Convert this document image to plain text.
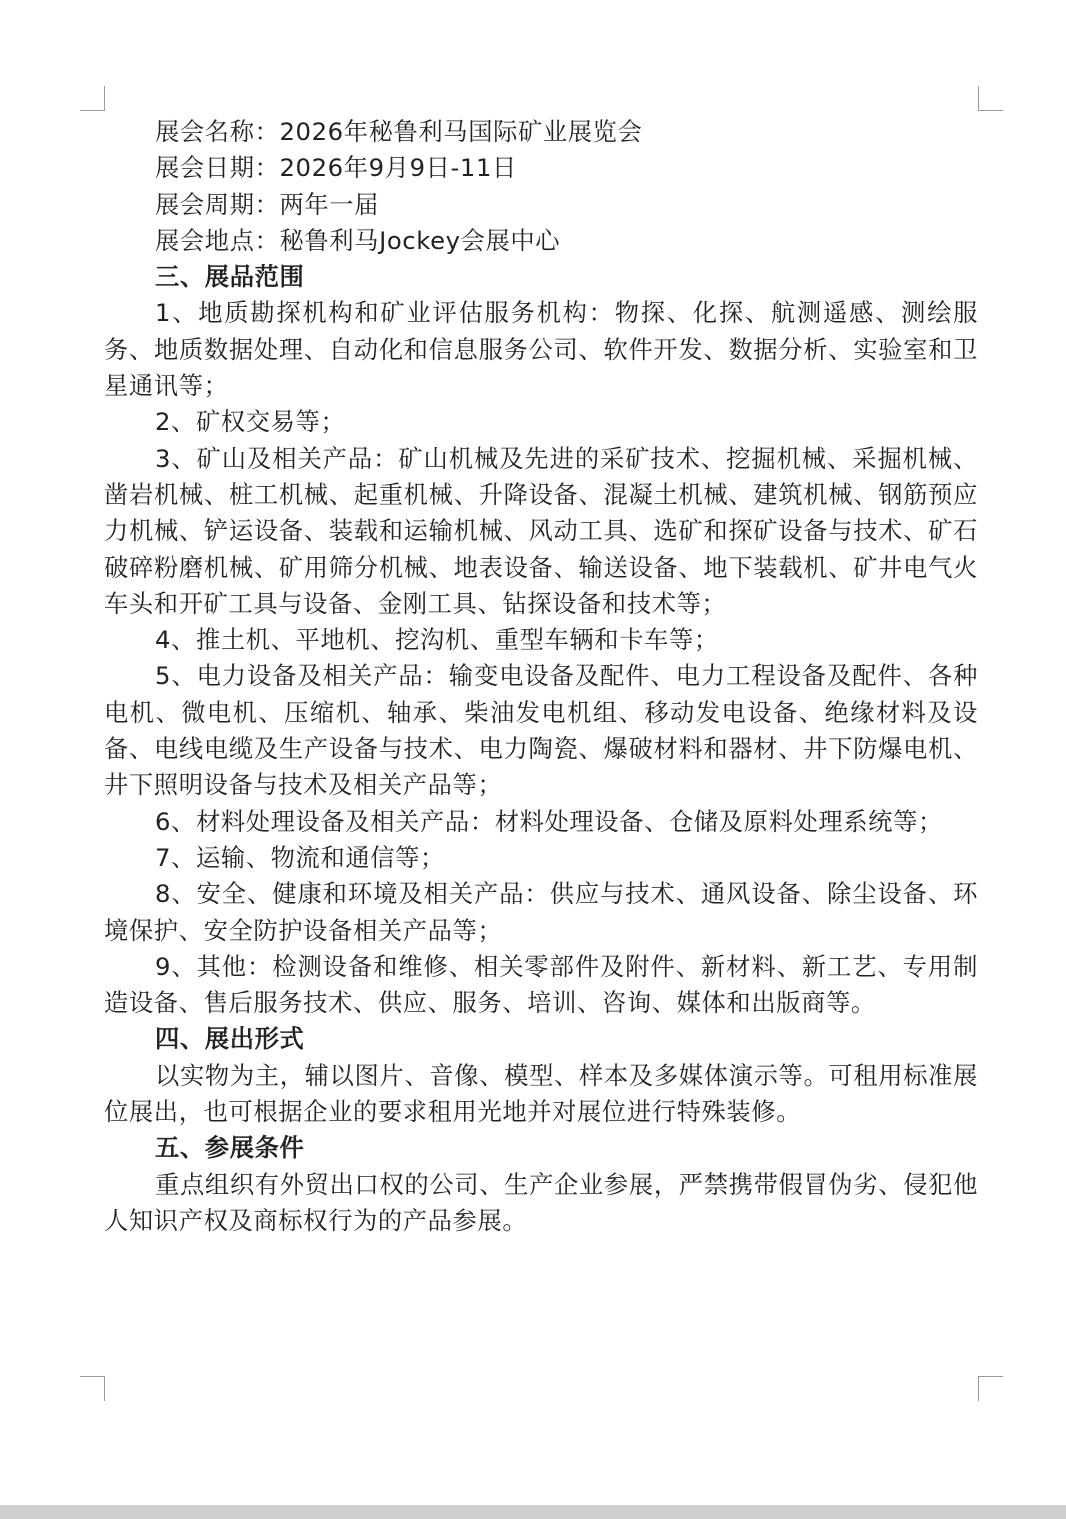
展会名称：2026年秘鲁利马国际矿业展览会

展会日期：2026年9月9日-11日

展会周期：两年一届

展会地点：秘鲁利马Jockey会展中心

三、展品范围

1、地质勘探机构和矿业评估服务机构：物探、化探、航测遥感、测绘服务、地质数据处理、自动化和信息服务公司、软件开发、数据分析、实验室和卫星通讯等；

2、矿权交易等；

3、矿山及相关产品：矿山机械及先进的采矿技术、挖掘机械、采掘机械、凿岩机械、桩工机械、起重机械、升降设备、混凝土机械、建筑机械、钢筋预应力机械、铲运设备、装载和运输机械、风动工具、选矿和探矿设备与技术、矿石破碎粉磨机械、矿用筛分机械、地表设备、输送设备、地下装载机、矿井电气火车头和开矿工具与设备、金刚工具、钻探设备和技术等；

4、推土机、平地机、挖沟机、重型车辆和卡车等；

5、电力设备及相关产品：输变电设备及配件、电力工程设备及配件、各种电机、微电机、压缩机、轴承、柴油发电机组、移动发电设备、绝缘材料及设备、电线电缆及生产设备与技术、电力陶瓷、爆破材料和器材、井下防爆电机、井下照明设备与技术及相关产品等；

6、材料处理设备及相关产品：材料处理设备、仓储及原料处理系统等；

7、运输、物流和通信等；

8、安全、健康和环境及相关产品：供应与技术、通风设备、除尘设备、环境保护、安全防护设备相关产品等；

9、其他：检测设备和维修、相关零部件及附件、新材料、新工艺、专用制造设备、售后服务技术、供应、服务、培训、咨询、媒体和出版商等。

四、展出形式

以实物为主，辅以图片、音像、模型、样本及多媒体演示等。可租用标准展位展出，也可根据企业的要求租用光地并对展位进行特殊装修。

五、参展条件

重点组织有外贸出口权的公司、生产企业参展，严禁携带假冒伪劣、侵犯他人知识产权及商标权行为的产品参展。
